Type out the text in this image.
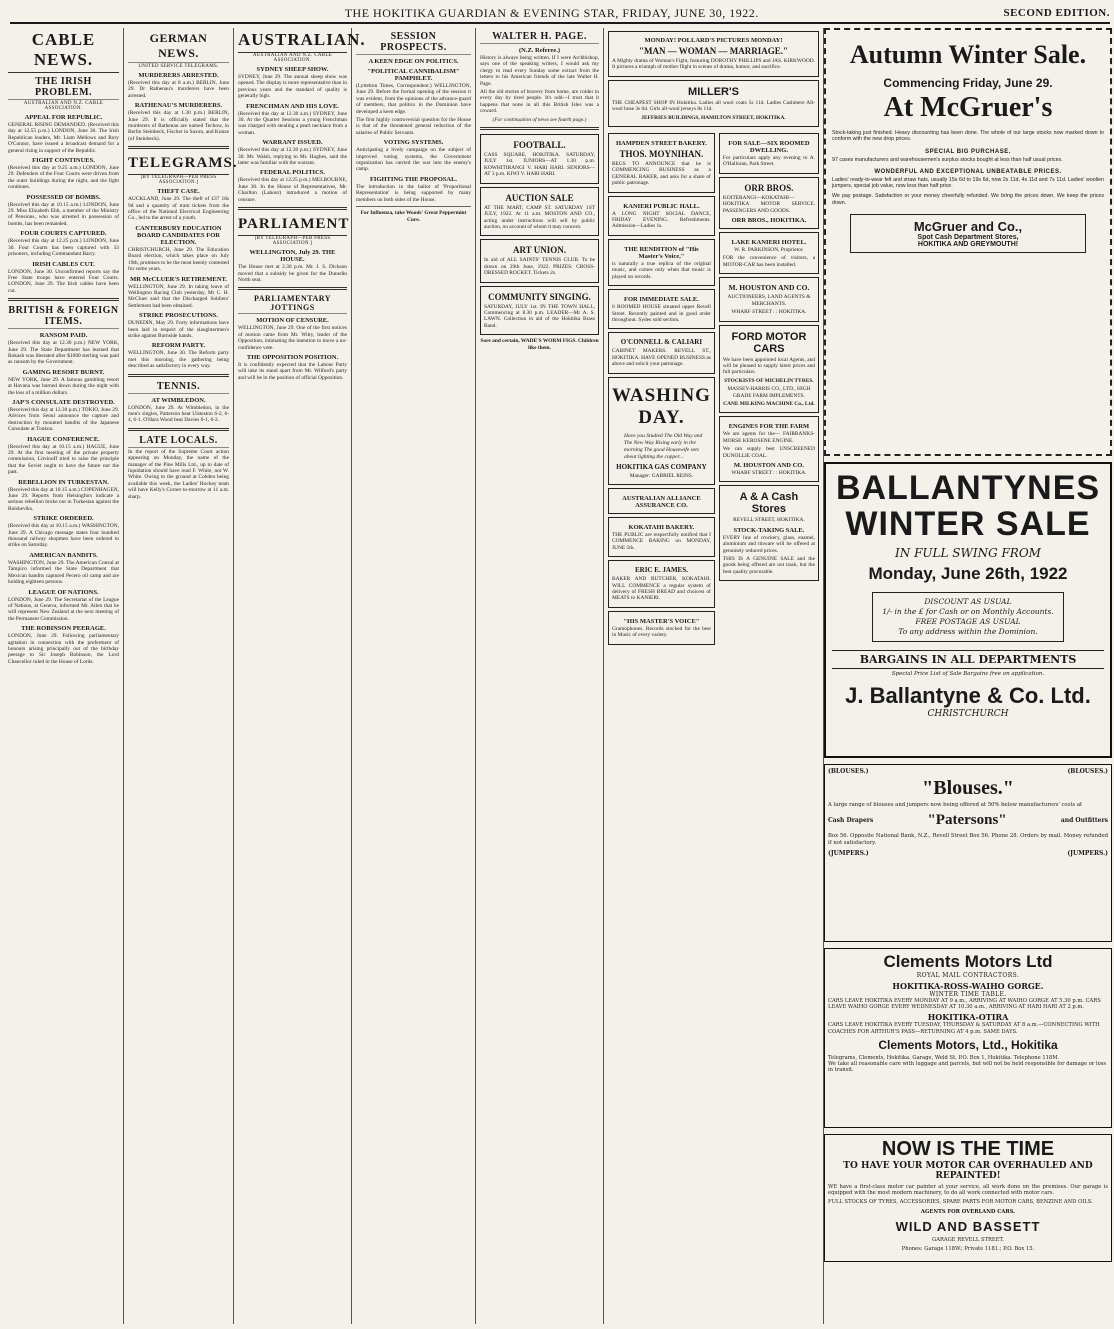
THE HOKITIKA GUARDIAN & EVENING STAR, FRIDAY, JUNE 30, 1922.	SECOND EDITION.
CABLE NEWS.
THE IRISH PROBLEM.
AUSTRALIAN AND N.Z. CABLE ASSOCIATION.
APPEAL FOR REPUBLIC.

GENERAL RISING DEMANDED. (Received this day at 12.55 p.m.) LONDON, June 30. The Irish Republican leaders, Mr. Liam Mellows and Rory O'Connor, have issued a broadcast demand for a general rising in support of the Republic.

FIGHT CONTINUES.

(Received this day at 9.25 a.m.) LONDON, June 29. Defenders of the Four Courts were driven from the outer buildings during the night, and the fight continues.

POSSESSED OF BOMBS.

(Received this day at 10.15 a.m.) LONDON, June 29. Miss Elizabeth Ebb, a member of the Ministry of Pensions, who was arrested in possession of bombs, has been remanded.

FOUR COURTS CAPTURED.

(Received this day at 12.25 p.m.) LONDON, June 30. Four Courts has been captured with 33 prisoners, including Commandant Barry.

IRISH CABLES CUT.

LONDON, June 30. Unconfirmed reports say the Free State troops have entered Four Courts. LONDON, June 29. The Irish cables have been cut.

BRITISH & FOREIGN ITEMS.
RANSOM PAID.

(Received this day at 12.30 p.m.) NEW YORK, June 29. The State Department has learned that Bokash was liberated after $1000 sterling was paid as ransom by the Government.

GAMING RESORT BURNT.

NEW YORK, June 29. A famous gambling resort at Havana was burned down during the night with the loss of a million dollars.

JAP'S CONSULATE DESTROYED.

(Received this day at 12.30 p.m.) TOKIO, June 29. Advices from Seoul announce the capture and destruction by mounted bandits of the Japanese Consulate at Toukou.

HAGUE CONFERENCE.

(Received this day at 10.15 a.m.) HAGUE, June 29. At the first meeting of the private property commission, Litvinoff tried to raise the principle that the Soviet ought to have the future not the past.

REBELLION IN TURKESTAN.

(Received this day at 10.15 a.m.) COPENHAGEN, June 29. Reports from Helsingfors indicate a serious rebellion broke out in Turkestan against the Bolsheviks.

STRIKE ORDERED.

(Received this day at 10.15 a.m.) WASHINGTON, June 29. A Chicago message states four hundred thousand railway shopmen have been ordered to strike on Saturday.

AMERICAN BANDITS.

WASHINGTON, June 29. The American Consul at Tampico informed the State Department that Mexican bandits captured Pecero oil camp and are holding eighteen persons.

LEAGUE OF NATIONS.

LONDON, June 29. The Secretariat of the League of Nations, at Geneva, informed Mr. Allen that he will represent New Zealand at the next meeting of the Permanent Commission.

THE ROBINSON PEERAGE.

LONDON, June 29. Following parliamentary agitation in connection with the preferment of honours arising principally out of the birthday peerage to Sir Joseph Robinson, the Lord Chancellor ruled in the House of Lords.

GERMAN NEWS.
UNITED SERVICE TELEGRAMS.
MURDERERS ARRESTED.

(Received this day at 8 a.m.) BERLIN, June 29. Dr Rathenau's murderers have been arrested.

RATHENAU'S MURDERERS.

(Received this day at 1.30 p.m.) BERLIN, June 29. It is officially stated that the murderers of Rathenau are named Techow, in Berlin Steinbeck, Fischer in Saxon, and Kunze (of Steinbeck).

TELEGRAMS.
[BY TELEGRAPH—PER PRESS ASSOCIATION.]
THEFT CASE.

AUCKLAND, June 29. The theft of £37 18s 9d and a quantity of tram tickets from the office of the National Electrical Engineering Co., led to the arrest of a youth.

CANTERBURY EDUCATION BOARD CANDIDATES FOR ELECTION.

CHRISTCHURCH, June 29. The Education Board election, which takes place on July 19th, promises to be the most keenly contested for some years.

MR McCLUER'S RETIREMENT.

WELLINGTON, June 29. In taking leave of Wellington Racing Club yesterday, Mr C. H. McCluer said that the Discharged Soldiers' Settlement had been obtained.

STRIKE PROSECUTIONS.

DUNEDIN, May 29. Forty informations have been laid in respect of the slaughtermen's strike against Burnside hands.

REFORM PARTY.

WELLINGTON, June 30. The Reform party met this morning, the gathering being described as satisfactory in every way.

TENNIS.
AT WIMBLEDON.

LONDON, June 29. At Wimbledon, in the men's singles, Patterson beat Ulsteston 6-2, 6-4, 6-1. O'Hara Wood beat Davies 6-1, 6-2.

LATE LOCALS.

In the report of the Supreme Court action appearing on Monday, the name of the manager of the Pine Mills Ltd., up to date of liquidation should have read F. White, not W. White. Owing to the ground at Cobden being available this week, the Ladies' Hockey team will have Kelly's Corner to-morrow at 11 a.m. sharp.

AUSTRALIAN.
AUSTRALIAN AND N.Z. CABLE ASSOCIATION.
SYDNEY SHEEP SHOW.

SYDNEY, June 29. The annual sheep show was opened. The display is more representative than in previous years and the standard of quality is generally high.

FRENCHMAN AND HIS LOVE.

(Received this day at 12.30 a.m.) SYDNEY, June 30. At the Quarter Sessions a young Frenchman was charged with stealing a pearl necklace from a woman.

WARRANT ISSUED.

(Received this day at 12.30 p.m.) SYDNEY, June 30. Mr. Walsh, replying to Mr. Hughes, said the latter was familiar with the warrant.

FEDERAL POLITICS.

(Received this day at 12.25 p.m.) MELBOURNE, June 30. In the House of Representatives, Mr. Charlton (Labour) introduced a motion of censure.

PARLIAMENT
[BY TELEGRAPH—PER PRESS ASSOCIATION.]
WELLINGTON, July 29. THE HOUSE.

The House met at 2.30 p.m. Mr. J. S. Dickson moved that a subsidy be given for the Dunedin North seat.

PARLIAMENTARY JOTTINGS
MOTION OF CENSURE.

WELLINGTON, June 29. One of the first notices of motion came from Mr. Witty, leader of the Opposition, intimating the intention to move a no-confidence vote.

THE OPPOSITION POSITION.

It is confidently expected that the Labour Party will take its stand apart from Mr. Wilford's party and will be in the position of official Opposition.

SESSION PROSPECTS.
A KEEN EDGE ON POLITICS.
"POLITICAL CANNIBALISM" PAMPHLET.

(Lyttelton Times, Correspondent.) WELLINGTON, June 29. Before the formal opening of the session it was evident, from the opinions of the advance-guard of members, that politics in the Dominion have developed a keen edge.

The first highly controversial question for the House is that of the threatened general reduction of the salaries of Public Servants.

VOTING SYSTEMS.

Anticipating a lively campaign on the subject of improved voting systems, the Government organization has carried the war into the enemy's camp.

FIGHTING THE PROPOSAL.

The introduction in the ballot of 'Proportional Representation' is being supported by many members on both sides of the House.

For Influenza, take Woods' Great Peppermint Cure.

WALTER H. PAGE.
(N.Z. Referee.)

History is always being written. If I were Archbishop, says one of the speaking writers, I would ask my clergy to read every Sunday some extract from the letters to his American friends of the late Walter H. Page.

All the old stories of bravery from home, are colder in every day by tired people. It's odd—I trust that it happens that none in all this British Isles was a coward.

(For continuation of news see fourth page.)

FOOTBALL.

CASS SQUARE, HOKITIKA. SATURDAY, JULY 1st. JUNIORS—AT 1.30 p.m. KOWHITIRANGI V. HARI HARI. SENIORS—AT 3 p.m. KIWI V. HARI HARI.

AUCTION SALE

AT THE MART, CAMP ST. SATURDAY 1ST JULY, 1922. At 11 a.m. MOSTON AND CO., acting under instructions will sell by public auction, on account of whom it may concern.

ART UNION.

In aid of ALL SAINTS' TENNIS CLUB. To be drawn on 29th June, 1922. PRIZES: CROSS-DRESSED ROCKET. Tickets 2s.

COMMUNITY SINGING.

SATURDAY, JULY 1st. IN THE TOWN HALL, Commencing at 8.30 p.m. LEADER—Mr A. S. LAWN. Collection in aid of the Hokitika Brass Band.

Sore and certain, WADE'S WORM FIGS. Children like them.

MONDAY! POLLARD'S PICTURES MONDAY!
"MAN — WOMAN — MARRIAGE."

A Mighty drama of Woman's Fight, featuring DOROTHY PHILLIPS and JAS. KIRKWOOD. It pictures a triumph of mother flight in scenes of drama, humor, and sacrifice.

MILLER'S

THE CHEAPEST SHOP IN Hokitika. Ladies all wool coats 5s 11d. Ladies Cashmere All-wool hose 3s 6d. Girls all-wool jerseys 8s 11d.

JEFFRIES BUILDINGS, HAMILTON STREET, HOKITIKA.

HAMPDEN STREET BAKERY.
THOS. MOYNIHAN.

BEGS TO ANNOUNCE that he is COMMENCING BUSINESS as a GENERAL BAKER, and asks for a share of public patronage.

KANIERI PUBLIC HALL.

A LONG NIGHT SOCIAL DANCE, FRIDAY EVENING. Refreshments. Admission—Ladies 1s.

THE RENDITION of "His Master's Voice,"

is naturally a true replica of the original music, and comes only when that music is played on records.

FOR IMMEDIATE SALE.

6 ROOMED HOUSE situated upper Revell Street. Recently painted and in good order throughout. Sydes sold section.

O'CONNELL & CALIARI

CABINET MAKERS. REVELL ST., HOKITIKA. HAVE OPENED BUSINESS as above and solicit your patronage.

WASHING DAY.
Have you Studied The Old Way and The New Way Rising early in the morning The good Housewife sets about lighting the copper...
HOKITIKA GAS COMPANY

Manager: GABRIEL REINS.

AUSTRALIAN ALLIANCE ASSURANCE CO.
KOKATAHI BAKERY.

THE PUBLIC are respectfully notified that I COMMENCE BAKING on MONDAY, JUNE 5th.

ERIC E. JAMES.

BAKER AND BUTCHER, KOKATAHI. WILL COMMENCE a regular system of delivery of FRESH BREAD and choicest of MEATS to KANIERI.

"HIS MASTER'S VOICE"

Gramophones. Records stocked for the best in Music of every variety.

FOR SALE—SIX ROOMED DWELLING.

For particulars apply any evening to A. O'Halloran, Park Street.

ORR BROS.

KOITERANGI—KOKATAHI—HOKITIKA MOTOR SERVICE. PASSENGERS AND GOODS.

ORR BROS., HOKITIKA.
LAKE KANIERI HOTEL.

W. R. PARKINSON, Proprietor.

FOR the convenience of visitors, a MOTOR-CAR has been installed.

M. HOUSTON AND CO.

AUCTIONEERS, LAND AGENTS & MERCHANTS.

WHARF STREET : : HOKITIKA.

FORD MOTOR CARS

We have been appointed local Agents, and will be pleased to supply latest prices and full particulars.

STOCKISTS OF MICHELIN TYRES.

MASSEY-HARRIS CO., LTD., HIGH GRADE FARM IMPLEMENTS.

CANE MILKING MACHINE Co., Ltd.

ENGINES FOR THE FARM

We are agents for the— FAIRBANKS-MORSE KEROSENE ENGINE.

We can supply best UNSCREENED DUNOLLIE COAL.

M. HOUSTON AND CO.

WHARF STREET : : HOKITIKA.

A & A Cash Stores

REVELL STREET, HOKITIKA.

STOCK-TAKING SALE.

EVERY line of crockery, glass, enamel, aluminium and tinware will be offered at genuinely reduced prices.

THIS IS A GENUINE SALE and the goods being offered are not trash, but the best quality procurable.

Autumn Winter Sale.
Commencing Friday, June 29.
At McGruer's

Stock-taking just finished. Heavy discounting has been done. The whole of our large stocks now marked down to conform with the new drop prices.

SPECIAL BIG PURCHASE.

97 cases manufacturers and warehousemen's surplus stocks bought at less than half usual prices.

WONDERFUL AND EXCEPTIONAL UNBEATABLE PRICES.

Ladies' ready-to-wear felt and straw hats, usually 15s 6d to 19s 6d, now 2s 11d, 4s 11d and 7s 11d. Ladies' woollen jumpers, special job value, now less than half price.

We pay postage. Satisfaction or your money cheerfully refunded. We bring the prices down. We keep the prices down.

McGruer and Co.,
Spot Cash Department Stores,
HOKITIKA AND GREYMOUTH!
BALLANTYNES WINTER SALE
IN FULL SWING FROM
Monday, June 26th, 1922
DISCOUNT AS USUAL
1/- in the £ for Cash or on Monthly Accounts.
FREE POSTAGE AS USUAL
To any address within the Dominion.
BARGAINS IN ALL DEPARTMENTS
Special Price List of Sale Bargains free on application.
J. Ballantyne & Co. Ltd.
CHRISTCHURCH
(BLOUSES.)	(BLOUSES.)
"Blouses."

A large range of blouses and jumpers now being offered at 50% below manufacturers' costs at

Cash Drapers	"Patersons"	and Outfitters

Box 56. Opposite National Bank, N.Z., Revell Street Box 56. Phone 28. Orders by mail. Money refunded if not satisfactory.

(JUMPERS.)	(JUMPERS.)
Clements Motors Ltd
ROYAL MAIL CONTRACTORS.
HOKITIKA-ROSS-WAIHO GORGE.
WINTER TIME TABLE.

CARS LEAVE HOKITIKA EVERY MONDAY AT 9 a.m., ARRIVING AT WAIHO GORGE AT 5.30 p.m. CARS LEAVE WAIHO GORGE EVERY WEDNESDAY AT 10.30 a.m., ARRIVING AT HARI HARI AT 2 p.m.

HOKITIKA-OTIRA

CARS LEAVE HOKITIKA EVERY TUESDAY, THURSDAY & SATURDAY AT 8 a.m.—CONNECTING WITH COACHES FOR ARTHUR'S PASS—RETURNING AT 4 p.m. SAME DAYS.

Clements Motors, Ltd., Hokitika

Telegrams, Clements, Hokitika. Garage, Weld St. P.O. Box 1, Hokitika. Telephone 118M.

We take all reasonable care with luggage and parcels, but will not be held responsible for damage or loss in transit.

NOW IS THE TIME
TO HAVE YOUR MOTOR CAR OVERHAULED AND REPAINTED!

WE have a first-class motor car painter at your service, all work done on the premises. Our garage is equipped with the most modern machinery, to do all work connected with motor cars.

FULL STOCKS OF TYRES, ACCESSORIES, SPARE PARTS FOR MOTOR CARS, BENZINE AND OILS.

AGENTS FOR OVERLAND CARS.

WILD AND BASSETT

GARAGE REVELL STREET.

Phones: Garage 118W.; Private 1181.; P.O. Box 15.
